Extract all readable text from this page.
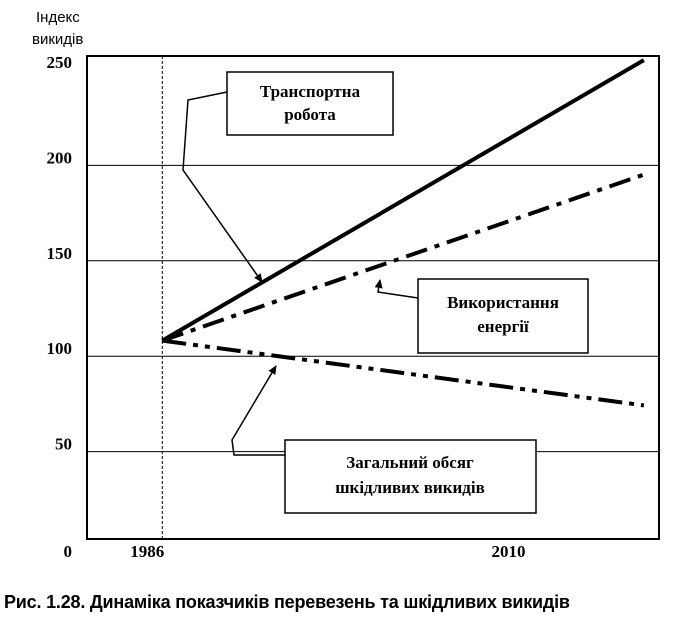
Індекс
викидів
0
50
100
150
200
250
1986	2010
Транспортна
робота
Використання
енергії
Загальний обсяг
шкідливих викидів
Рис. 1.28. Динаміка показчиків перевезень та шкідливих викидів
